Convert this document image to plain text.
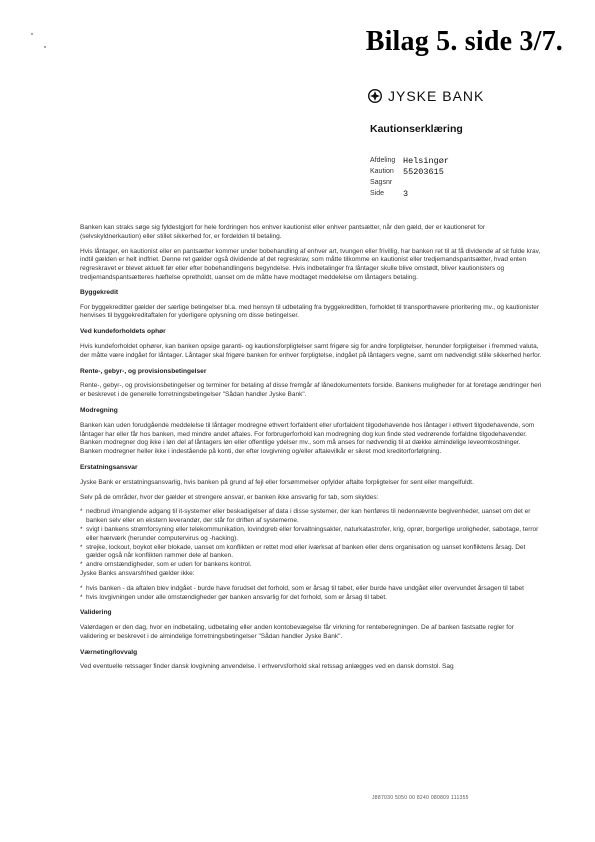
Bilag 5. side 3/7.
JYSKE BANK
Kautionserklæring
Afdeling Helsingør
Kaution	55203615
Sagsnr
Side	3

Banken kan straks søge sig fyldestgjort for hele fordringen hos enhver kautionist eller enhver pantsætter, når den gæld, der er kautioneret for (selvskyldnerkaution) eller stillet sikkerhed for, er fordelden til betaling.

Hvis låntager, en kautionist eller en pantsætter kommer under bobehandling af enhver art, tvungen eller frivillig, har banken ret til at få dividende af sit fulde krav, indtil gælden er helt indfriet. Denne ret gælder også dividende af det regreskrav, som måtte tilkomme en kautionist eller tredjemandspantsætter, hvad enten regreskravet er blevet aktuelt før eller efter bobehandlingens begyndelse. Hvis indbetalinger fra låntager skulle blive omstødt, bliver kautionisters og tredjemandspantsætteres hæftelse opretholdt, uanset om de måtte have modtaget meddelelse om låntagers betaling.

Byggekredit

For byggekreditter gælder der særlige betingelser bl.a. med hensyn til udbetaling fra byggekreditten, forholdet til transporthavere prioritering mv., og kautionister henvises til byggekreditaftalen for yderligere oplysning om disse betingelser.

Ved kundeforholdets ophør

Hvis kundeforholdet ophører, kan banken opsige garanti- og kautionsforpligtelser samt frigøre sig for andre forpligtelser, herunder forpligtelser i fremmed valuta, der måtte være indgået for låntager. Låntager skal frigøre banken for enhver forpligtelse, indgået på låntagers vegne, samt om nødvendigt stille sikkerhed herfor.

Rente-, gebyr-, og provisionsbetingelser

Rente-, gebyr-, og provisionsbetingelser og terminer for betaling af disse fremgår af lånedokumentets forside. Bankens muligheder for at foretage ændringer heri er beskrevet i de generelle forretningsbetingelser "Sådan handler Jyske Bank".

Modregning

Banken kan uden forudgående meddelelse til låntager modregne ethvert forfaldent eller uforfaldent tilgodehavende hos låntager i ethvert tilgodehavende, som låntager har eller får hos banken, med mindre andet aftales. For forbrugerforhold kan modregning dog kun finde sted vedrørende forfaldne tilgodehavender. Banken modregner dog ikke i løn del af låntagers løn eller offentlige ydelser mv., som må anses for nødvendig til at dække almindelige leveomkostninger. Banken modregner heller ikke i indestående på konti, der efter lovgivning og/eller aftalevilkår er sikret mod kreditorforfølgning.

Erstatningsansvar

Jyske Bank er erstatningsansvarlig, hvis banken på grund af fejl eller forsømmelser opfylder aftalte forpligtelser for sent eller mangelfuldt.

Selv på de områder, hvor der gælder et strengere ansvar, er banken ikke ansvarlig for tab, som skyldes:

* nedbrud i/manglende adgang til it-systemer eller beskadigelser af data i disse systemer, der kan henføres til nedennævnte begivenheder, uanset om det er banken selv eller en ekstern leverandør, der står for driften af systemerne.
* svigt i bankens strømforsyning eller telekommunikation, lovindgreb eller forvaltningsakter, naturkatastrofer, krig, oprør, borgerlige uroligheder, sabotage, terror eller hærværk (herunder computervirus og -hacking).
* strejke, lockout, boykot eller blokade, uanset om konflikten er rettet mod eller iværksat af banken eller dens organisation og uanset konfliktens årsag. Det gælder også når konflikten rammer dele af banken.
* andre omstændigheder, som er uden for bankens kontrol.

Jyske Banks ansvarsfrihed gælder ikke:

* hvis banken - da aftalen blev indgået - burde have forudset det forhold, som er årsag til tabet, eller burde have undgået eller overvundet årsagen til tabet
* hvis lovgivningen under alle omstændigheder gør banken ansvarlig for det forhold, som er årsag til tabet.

Validering

Valørdagen er den dag, hvor en indbetaling, udbetaling eller anden kontobevægelse får virkning for renteberegningen. De af banken fastsatte regler for validering er beskrevet i de almindelige forretningsbetingelser "Sådan handler Jyske Bank".

Værneting/lovvalg

Ved eventuelle retssager finder dansk lovgivning anvendelse. I erhvervsforhold skal retssag anlægges ved en dansk domstol. Sag

J887030 5050 00 8240 080809 111355
